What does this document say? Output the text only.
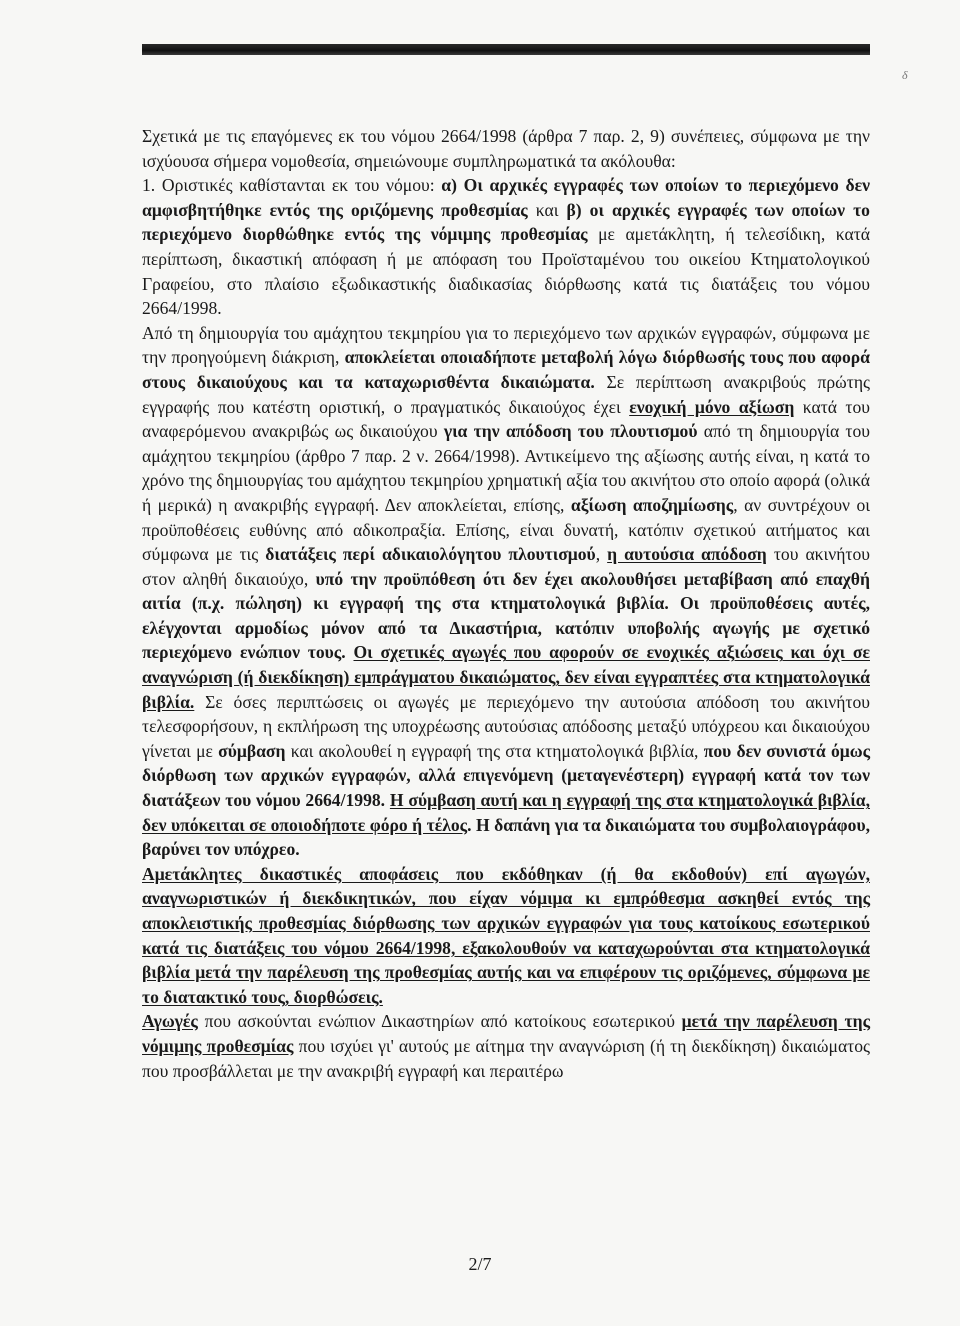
δ

Σχετικά με τις επαγόμενες εκ του νόμου 2664/1998 (άρθρα 7 παρ. 2, 9) συνέπειες, σύμφωνα με την ισχύουσα σήμερα νομοθεσία, σημειώνουμε συμπληρωματικά τα ακόλουθα:

1. Οριστικές καθίστανται εκ του νόμου: α) Οι αρχικές εγγραφές των οποίων το περιεχόμενο δεν αμφισβητήθηκε εντός της οριζόμενης προθεσμίας και β) οι αρχικές εγγραφές των οποίων το περιεχόμενο διορθώθηκε εντός της νόμιμης προθεσμίας με αμετάκλητη, ή τελεσίδικη, κατά περίπτωση, δικαστική απόφαση ή με απόφαση του Προϊσταμένου του οικείου Κτηματολογικού Γραφείου, στο πλαίσιο εξωδικαστικής διαδικασίας διόρθωσης κατά τις διατάξεις του νόμου 2664/1998.

Από τη δημιουργία του αμάχητου τεκμηρίου για το περιεχόμενο των αρχικών εγγραφών, σύμφωνα με την προηγούμενη διάκριση, αποκλείεται οποιαδήποτε μεταβολή λόγω διόρθωσής τους που αφορά στους δικαιούχους και τα καταχωρισθέντα δικαιώματα. Σε περίπτωση ανακριβούς πρώτης εγγραφής που κατέστη οριστική, ο πραγματικός δικαιούχος έχει ενοχική μόνο αξίωση κατά του αναφερόμενου ανακριβώς ως δικαιούχου για την απόδοση του πλουτισμού από τη δημιουργία του αμάχητου τεκμηρίου (άρθρο 7 παρ. 2 ν. 2664/1998). Αντικείμενο της αξίωσης αυτής είναι, η κατά το χρόνο της δημιουργίας του αμάχητου τεκμηρίου χρηματική αξία του ακινήτου στο οποίο αφορά (ολικά ή μερικά) η ανακριβής εγγραφή. Δεν αποκλείεται, επίσης, αξίωση αποζημίωσης, αν συντρέχουν οι προϋποθέσεις ευθύνης από αδικοπραξία. Επίσης, είναι δυνατή, κατόπιν σχετικού αιτήματος και σύμφωνα με τις διατάξεις περί αδικαιολόγητου πλουτισμού, η αυτούσια απόδοση του ακινήτου στον αληθή δικαιούχο, υπό την προϋπόθεση ότι δεν έχει ακολουθήσει μεταβίβαση από επαχθή αιτία (π.χ. πώληση) κι εγγραφή της στα κτηματολογικά βιβλία. Οι προϋποθέσεις αυτές, ελέγχονται αρμοδίως μόνον από τα Δικαστήρια, κατόπιν υποβολής αγωγής με σχετικό περιεχόμενο ενώπιον τους. Οι σχετικές αγωγές που αφορούν σε ενοχικές αξιώσεις και όχι σε αναγνώριση (ή διεκδίκηση) εμπράγματου δικαιώματος, δεν είναι εγγραπτέες στα κτηματολογικά βιβλία. Σε όσες περιπτώσεις οι αγωγές με περιεχόμενο την αυτούσια απόδοση του ακινήτου τελεσφορήσουν, η εκπλήρωση της υποχρέωσης αυτούσιας απόδοσης μεταξύ υπόχρεου και δικαιούχου γίνεται με σύμβαση και ακολουθεί η εγγραφή της στα κτηματολογικά βιβλία, που δεν συνιστά όμως διόρθωση των αρχικών εγγραφών, αλλά επιγενόμενη (μεταγενέστερη) εγγραφή κατά τον των διατάξεων του νόμου 2664/1998. Η σύμβαση αυτή και η εγγραφή της στα κτηματολογικά βιβλία, δεν υπόκειται σε οποιοδήποτε φόρο ή τέλος. Η δαπάνη για τα δικαιώματα του συμβολαιογράφου, βαρύνει τον υπόχρεο.

Αμετάκλητες δικαστικές αποφάσεις που εκδόθηκαν (ή θα εκδοθούν) επί αγωγών, αναγνωριστικών ή διεκδικητικών, που είχαν νόμιμα κι εμπρόθεσμα ασκηθεί εντός της αποκλειστικής προθεσμίας διόρθωσης των αρχικών εγγραφών για τους κατοίκους εσωτερικού κατά τις διατάξεις του νόμου 2664/1998, εξακολουθούν να καταχωρούνται στα κτηματολογικά βιβλία μετά την παρέλευση της προθεσμίας αυτής και να επιφέρουν τις οριζόμενες, σύμφωνα με το διατακτικό τους, διορθώσεις.

Αγωγές που ασκούνται ενώπιον Δικαστηρίων από κατοίκους εσωτερικού μετά την παρέλευση της νόμιμης προθεσμίας που ισχύει γι' αυτούς με αίτημα την αναγνώριση (ή τη διεκδίκηση) δικαιώματος που προσβάλλεται με την ανακριβή εγγραφή και περαιτέρω

2/7
